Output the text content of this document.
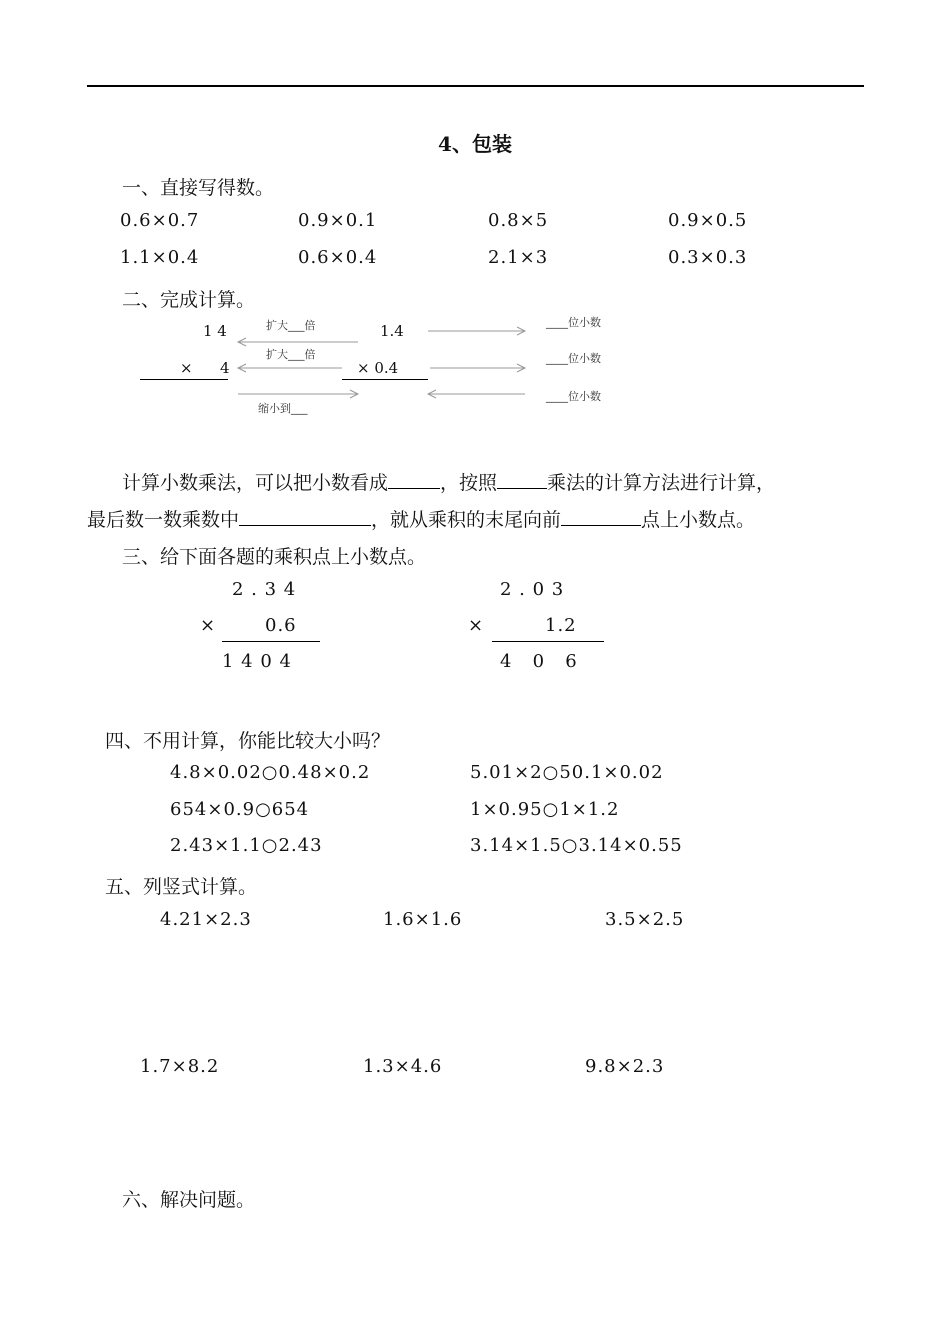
4、包装
一、直接写得数。
0.6×0.7	0.9×0.1	0.8×5	0.9×0.5
1.1×0.4	0.6×0.4	2.1×3	0.3×0.3
二、完成计算。
1 4
× 4
1.4
× 0.4
扩大___倍
扩大___倍
缩小到___
____位小数
____位小数
____位小数
计算小数乘法，可以把小数看成	，按照	乘法的计算方法进行计算，
最后数一数乘数中	，就从乘积的末尾向前	点上小数点。
三、给下面各题的乘积点上小数点。
2 . 3 4
×	0.6
1 4 0 4
2 . 0 3
×	1.2
4   0   6
四、不用计算，你能比较大小吗？
4.8×0.02○0.48×0.2	5.01×2○50.1×0.02
654×0.9○654	1×0.95○1×1.2
2.43×1.1○2.43	3.14×1.5○3.14×0.55
五、列竖式计算。
4.21×2.3	1.6×1.6	3.5×2.5
1.7×8.2	1.3×4.6	9.8×2.3
六、解决问题。
